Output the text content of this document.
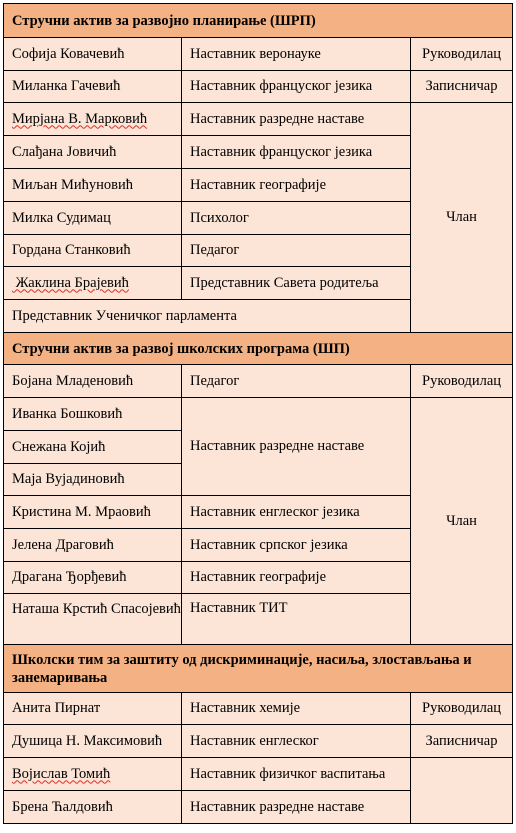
Стручни актив за развојно планирање (ШРП)		
Софија Ковачевић	Наставник веронауке	Руководилац
Миланка Гачевић	Наставник француског језика	Записничар
Мирјана В. Марковић	Наставник разредне наставе	Члан
Слађана Јовичић	Наставник француског језика	
Миљан Мићуновић	Наставник географије	
Милка Судимац	Психолог	
Гордана Станковић	Педагог	
Жаклина Брајевић	Представник Савета родитеља	
Представник Ученичког парламента		
Стручни актив за развој школских програма (ШП)		
Бојана Младеновић	Педагог	Руководилац
Иванка Бошковић	Наставник разредне наставе	Члан
Снежана Којић		
Маја Вујадиновић		
Кристина М. Мраовић	Наставник енглеског језика	
Јелена Драговић	Наставник српског језика	
Драгана Ђорђевић	Наставник географије	
Наташа Крстић Спасојевић	Наставник ТИТ	
Школски тим за заштиту од дискриминације, насиља, злостављања и занемаривања		
Анита Пирнат	Наставник хемије	Руководилац
Душица Н. Максимовић	Наставник енглеског	Записничар
Војислав Томић	Наставник физичког васпитања	
Брена Ћалдовић	Наставник разредне наставе	
